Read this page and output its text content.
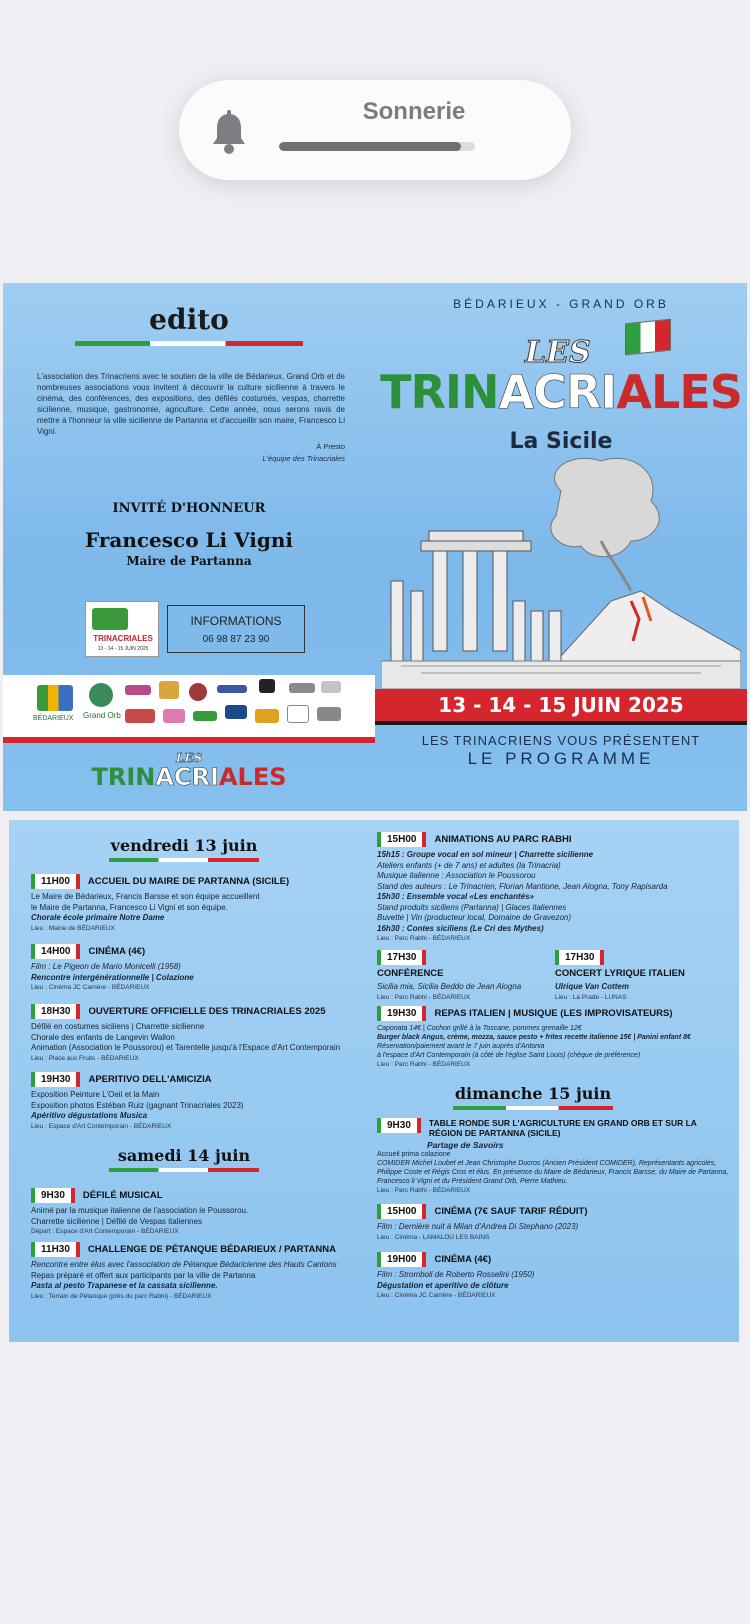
Sonnerie
edito
L'association des Trinacriens avec le soutien de la ville de Bédarieux, Grand Orb et de nombreuses associations vous invitent à découvrir la culture sicilienne à travers le cinéma, des conférences, des expositions, des défilés costumés, vespas, charrette sicilienne, musique, gastronomie, agriculture. Cette année, nous serons ravis de mettre à l'honneur la ville sicilienne de Partanna et d'accueillir son maire, Francesco Li Vigni.
À Presto
L'équipe des Trinacriales
INVITÉ D'HONNEUR
Francesco Li Vigni
Maire de Partanna
TRINACRIALES
13 - 14 - 15 JUIN 2025
INFORMATIONS
06 98 87 23 90
BÉDARIEUX Grand Orb
LES
TRINACRIALES
BÉDARIEUX - GRAND ORB
LES
TRINACRIALES
La Sicile
13 - 14 - 15 JUIN 2025
LES TRINACRIENS VOUS PRÉSENTENT
LE PROGRAMME
vendredi 13 juin
11H00	ACCUEIL DU MAIRE DE PARTANNA (SICILE)
Le Maire de Bédarieux, Francis Barsse et son équipe accueillent
le Maire de Partanna, Francesco Li Vigni et son équipe.
Chorale école primaire Notre Dame
Lieu : Mairie de BÉDARIEUX
14H00	CINÉMA (4€)
Film : Le Pigeon de Mario Monicelli (1958)
Rencontre intergénérationnelle | Colazione
Lieu : Cinéma JC Carrière - BÉDARIEUX
18H30	OUVERTURE OFFICIELLE DES TRINACRIALES 2025
Défilé en costumes siciliens | Charrette sicilienne
Chorale des enfants de Langevin Wallon
Animation (Association le Poussorou) et Tarentelle jusqu'à l'Espace d'Art Contemporain
Lieu : Place aux Fruits - BÉDARIEUX
19H30	APERITIVO DELL'AMICIZIA
Exposition Peinture L'Oeil et la Main
Exposition photos Estéban Ruiz (gagnant Trinacriales 2023)
Apéritivo dégustations Musica
Lieu : Espace d'Art Contemporain - BÉDARIEUX
samedi 14 juin
9H30	DÉFILÉ MUSICAL
Animé par la musique italienne de l'association le Poussorou.
Charrette sicilienne | Défilé de Vespas italiennes
Départ : Espace d'Art Contemporain - BÉDARIEUX
11H30	CHALLENGE DE PÉTANQUE BÉDARIEUX / PARTANNA
Rencontre entre élus avec l'association de Pétanque Bédaricienne des Hauts Cantons
Repas préparé et offert aux participants par la ville de Partanna
Pasta al pesto Trapanese et la cassata sicilienne.
Lieu : Terrain de Pétanque (près du parc Rabhi) - BÉDARIEUX
15H00	ANIMATIONS AU PARC RABHI
15h15 : Groupe vocal en sol mineur | Charrette sicilienne
Ateliers enfants (+ de 7 ans) et adultes (la Trinacria)
Musique italienne : Association le Poussorou
Stand des auteurs : Le Trinacrien, Florian Mantione, Jean Alogna, Tony Rapisarda
15h30 : Ensemble vocal «Les enchantés»
Stand produits siciliens (Partanna) | Glaces italiennes
Buvette | Vin (producteur local, Domaine de Gravezon)
16h30 : Contes siciliens (Le Cri des Mythes)
Lieu : Parc Rabhi - BÉDARIEUX
17H30
CONFÉRENCE
Sicilia mia, Sicilia Beddo de Jean Alogna
Lieu : Parc Rabhi - BÉDARIEUX
17H30
CONCERT LYRIQUE ITALIEN
Ulrique Van Cottem
Lieu : La Prade - LUNAS
19H30	REPAS ITALIEN | MUSIQUE (LES IMPROVISATEURS)
Caponata 14€ | Cochon grillé à la Toscane, pommes grenaille 12€
Burger black Angus, crème, mozza, sauce pesto + frites recette italienne 15€ | Panini enfant 8€
Réservation/paiement avant le 7 juin auprès d'Antonia
à l'espace d'Art Contemporain (à côté de l'église Saint Louis) (chèque de préférence)
Lieu : Parc Rabhi - BÉDARIEUX
dimanche 15 juin
9H30	TABLE RONDE SUR L'AGRICULTURE EN GRAND ORB ET SUR LA RÉGION DE PARTANNA (SICILE)
Partage de Savoirs
Accueil prima colazione
COMIDER Michel Loubet et Jean Christophe Ducros (Ancien Président COMIDER), Représentants agricoles, Philippe Coste et Régis Cros et élus. En présence du Maire de Bédarieux, Francis Barsse, du Maire de Partanna, Francesco li Vigni et du Président Grand Orb, Pierre Mathieu.
Lieu : Parc Rabhi - BÉDARIEUX
15H00	CINÉMA (7€ SAUF TARIF RÉDUIT)
Film : Dernière nuit à Milan d'Andrea Di Stephano (2023)
Lieu : Cinéma - LAMALOU LES BAINS
19H00	CINÉMA (4€)
Film : Stromboli de Roberto Rosselini (1950)
Dégustation et aperitivo de clôture
Lieu : Cinéma JC Carrière - BÉDARIEUX
